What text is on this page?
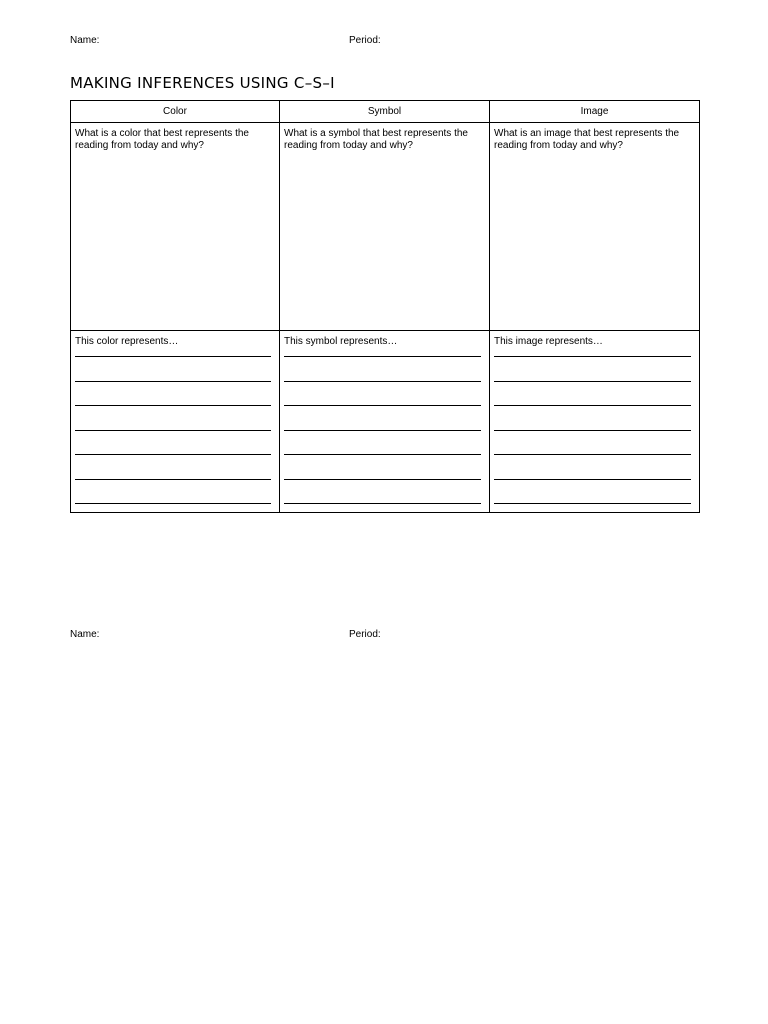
Name:	Period:
MAKING INFERENCES USING C–S–I
Color	Symbol	Image

What is a color that best represents the reading from today and why?	What is a symbol that best represents the reading from today and why?	What is an image that best represents the reading from today and why?

This color represents…	This symbol represents…	This image represents…
Name:	Period:
